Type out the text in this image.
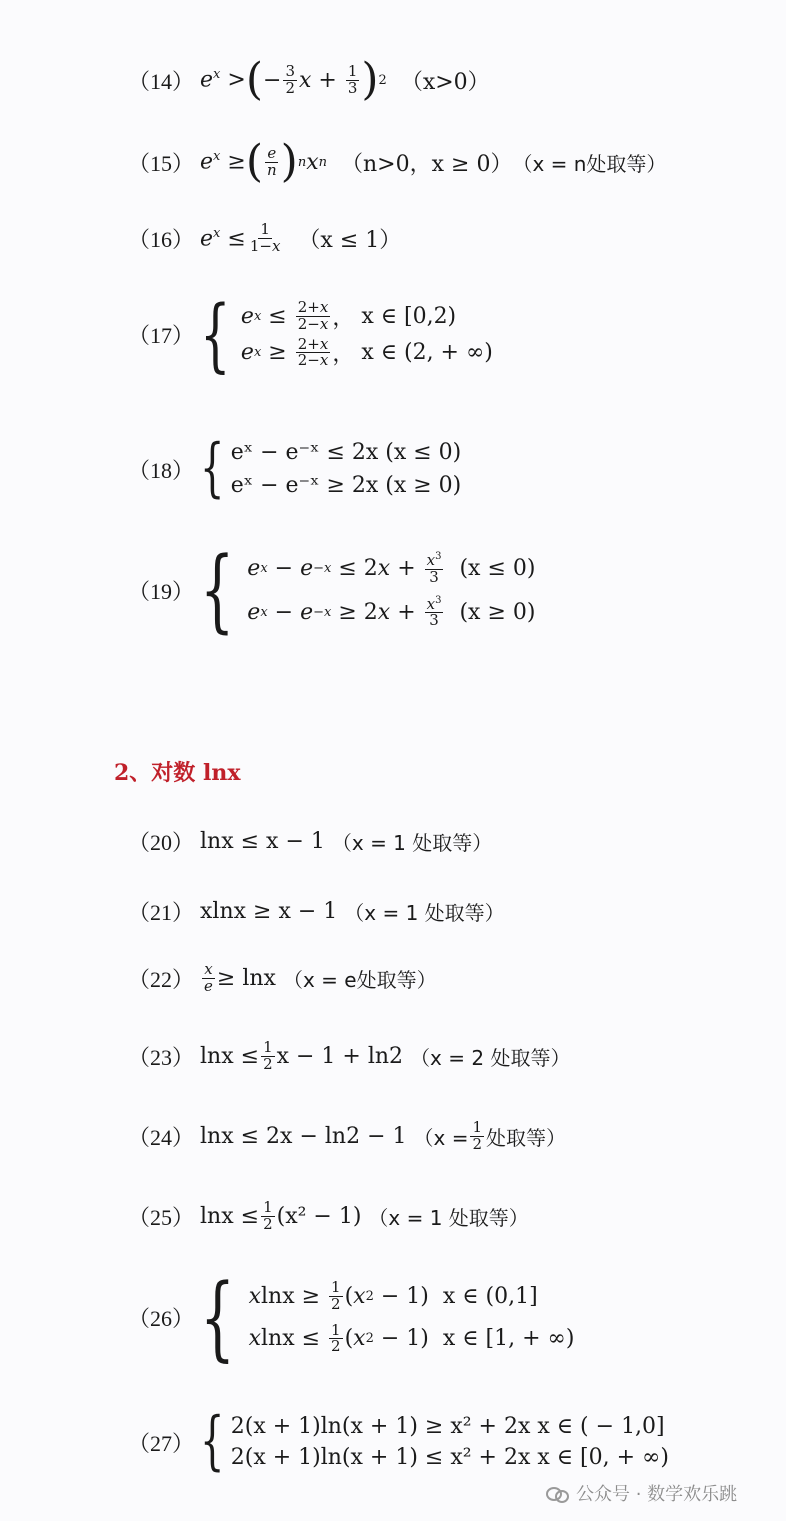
（14） $e^x$ > ( − $\frac{3}{2}$ $x + \frac{1}{3}$ ) 2
（x>0）
（15） $e^x$ ≥ ( $\frac{e}{n}$ ) n x n
（n>0，x ≥ 0） （x = n处取等）
（16） $e^x \le \frac{1}{1-x}$
（x ≤ 1）
（17） { e $x \le \frac{2+x}{2-x}$ ， x ∈ [0,2)
e $x \ge \frac{2+x}{2-x}$ ， x ∈ (2, + ∞)
（18） { eˣ − e⁻ˣ ≤ 2x (x ≤ 0)
eˣ − e⁻ˣ ≥ 2x (x ≥ 0)
（19） { e x − e −x ≤ 2 $x + \frac{x^3}{3}$
(x ≤ 0)
e x − e −x ≥ 2 $x + \frac{x^3}{3}$
(x ≥ 0)
2、对数 lnx
（20） lnx ≤ x − 1
（x = 1 处取等）
（21） xlnx ≥ x − 1
（x = 1 处取等）
$(22) \frac{x}{e} \ge \ln x$
（x = e处取等）
（23） $\ln x \le \frac{1}{2}$ x − 1 + ln2
（x = 2 处取等）
（24） lnx ≤ 2x − ln2 − 1
（$x = \frac{1}{2}$ 处取等）
（25） $\ln x \le \frac{1}{2} (x^2 - 1)$
（x = 1 处取等）
（26） { x $\ln x \ge \frac{1}{2}$ ( x 2 − 1) x ∈ (0,1]
x $\ln x \le \frac{1}{2}$ ( x 2 − 1) x ∈ [1, + ∞)
（27） { 2(x + 1)ln(x + 1) ≥ x² + 2x x ∈ ( − 1,0]
2(x + 1)ln(x + 1) ≤ x² + 2x x ∈ [0, + ∞)
公众号 · 数学欢乐跳
